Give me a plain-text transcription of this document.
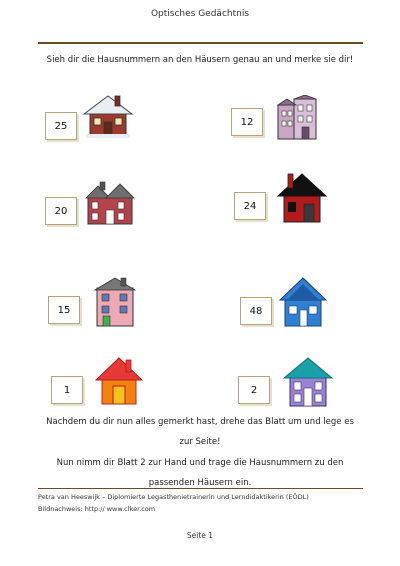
Optisches Gedächtnis
Sieh dir die Hausnummern an den Häusern genau an und merke sie dir!
25	12
20	24
15	48
1	2
Nachdem du dir nun alles gemerkt hast, drehe das Blatt um und lege es
zur Seite!
Nun nimm dir Blatt 2 zur Hand und trage die Hausnummern zu den
passenden Häusern ein.
Petra van Heeswijk – Diplomierte Legasthenietrainerin und Lerndidaktikerin (EÖDL)
Bildnachweis: http:// www.clker.com
Seite 1
